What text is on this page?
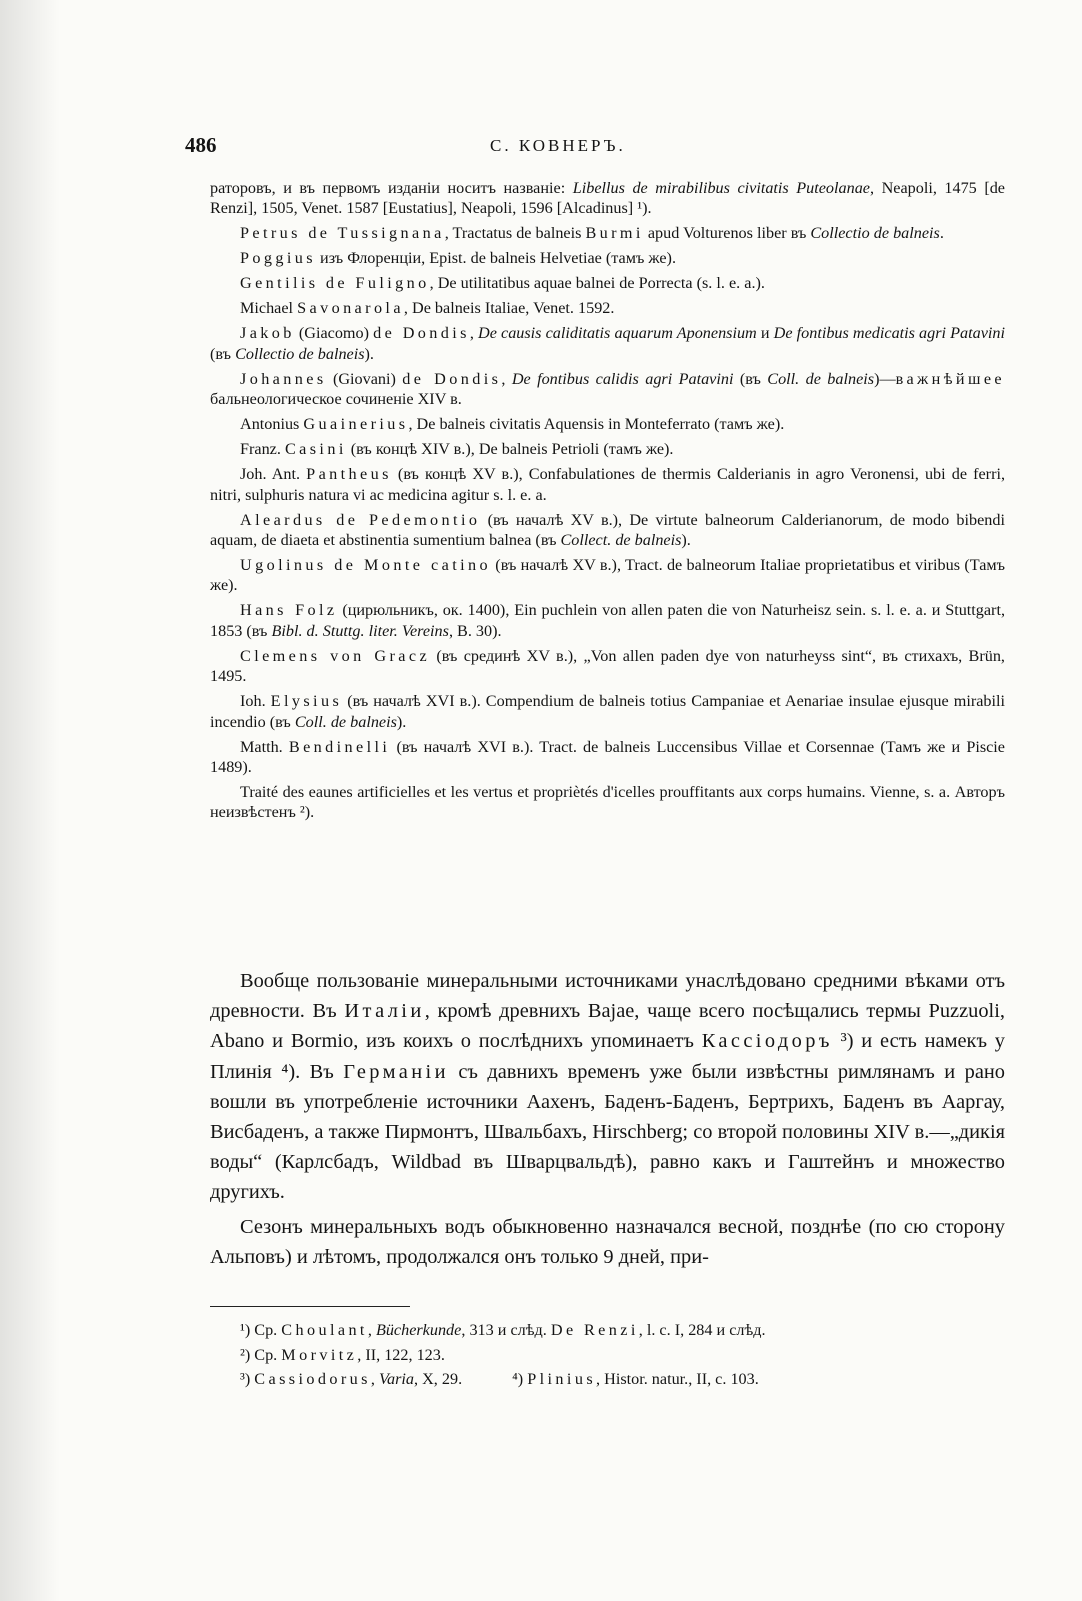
486	С. КОВНЕРЪ.

раторовъ, и въ первомъ изданіи носитъ названіе: Libellus de mirabilibus civitatis Puteolanae, Neapoli, 1475 [de Renzi], 1505, Venet. 1587 [Eustatius], Neapoli, 1596 [Alcadinus] ¹).

Petrus de Tussignana, Tractatus de balneis Burmi apud Volturenos liber въ Collectio de balneis.

Poggius изъ Флоренціи, Epist. de balneis Helvetiae (тамъ же).

Gentilis de Fuligno, De utilitatibus aquae balnei de Porrecta (s. l. e. a.).

Michael Savonarola, De balneis Italiae, Venet. 1592.

Jakob (Giacomo) de Dondis, De causis caliditatis aquarum Aponensium и De fontibus medicatis agri Patavini (въ Collectio de balneis).

Johannes (Giovani) de Dondis, De fontibus calidis agri Patavini (въ Coll. de balneis)—важнѣйшее бальнеологическое сочиненіе XIV в.

Antonius Guainerius, De balneis civitatis Aquensis in Monteferrato (тамъ же).

Franz. Casini (въ концѣ XIV в.), De balneis Petrioli (тамъ же).

Joh. Ant. Pantheus (въ концѣ XV в.), Confabulationes de thermis Calderianis in agro Veronensi, ubi de ferri, nitri, sulphuris natura vi ac medicina agitur s. l. e. a.

Aleardus de Pedemontio (въ началѣ XV в.), De virtute balneorum Calderianorum, de modo bibendi aquam, de diaeta et abstinentia sumentium balnea (въ Collect. de balneis).

Ugolinus de Monte catino (въ началѣ XV в.), Tract. de balneorum Italiae proprietatibus et viribus (Тамъ же).

Hans Folz (цирюльникъ, ок. 1400), Ein puchlein von allen paten die von Naturheisz sein. s. l. e. a. и Stuttgart, 1853 (въ Bibl. d. Stuttg. liter. Vereins, B. 30).

Clemens von Gracz (въ срединѣ XV в.), „Von allen paden dye von naturheyss sint“, въ стихахъ, Brün, 1495.

Ioh. Elysius (въ началѣ XVI в.). Compendium de balneis totius Campaniae et Aenariae insulae ejusque mirabili incendio (въ Coll. de balneis).

Matth. Bendinelli (въ началѣ XVI в.). Tract. de balneis Luccensibus Villae et Corsennae (Тамъ же и Piscie 1489).

Traité des eaunes artificielles et les vertus et propriètés d'icelles prouffitants aux corps humains. Vienne, s. a. Авторъ неизвѣстенъ ²).

Вообще пользованіе минеральными источниками унаслѣдовано средними вѣками отъ древности. Въ Италіи, кромѣ древнихъ Bajae, чаще всего посѣщались термы Puzzuoli, Abano и Bormio, изъ коихъ о послѣднихъ упоминаетъ Кассіодоръ ³) и есть намекъ у Плинія ⁴). Въ Германіи съ давнихъ временъ уже были извѣстны римлянамъ и рано вошли въ употребленіе источники Аахенъ, Баденъ-Баденъ, Бертрихъ, Баденъ въ Ааргау, Висбаденъ, а также Пирмонтъ, Швальбахъ, Hirschberg; со второй половины XIV в.—„дикія воды“ (Карлсбадъ, Wildbad въ Шварцвальдѣ), равно какъ и Гаштейнъ и множество другихъ.

Сезонъ минеральныхъ водъ обыкновенно назначался весной, позднѣе (по сю сторону Альповъ) и лѣтомъ, продолжался онъ только 9 дней, при-

¹) Ср. Choulant, Bücherkunde, 313 и слѣд. De Renzi, l. c. I, 284 и слѣд.
²) Ср. Morvitz, II, 122, 123.
³) Cassiodorus, Varia, X, 29.	⁴) Plinius, Histor. natur., II, c. 103.
